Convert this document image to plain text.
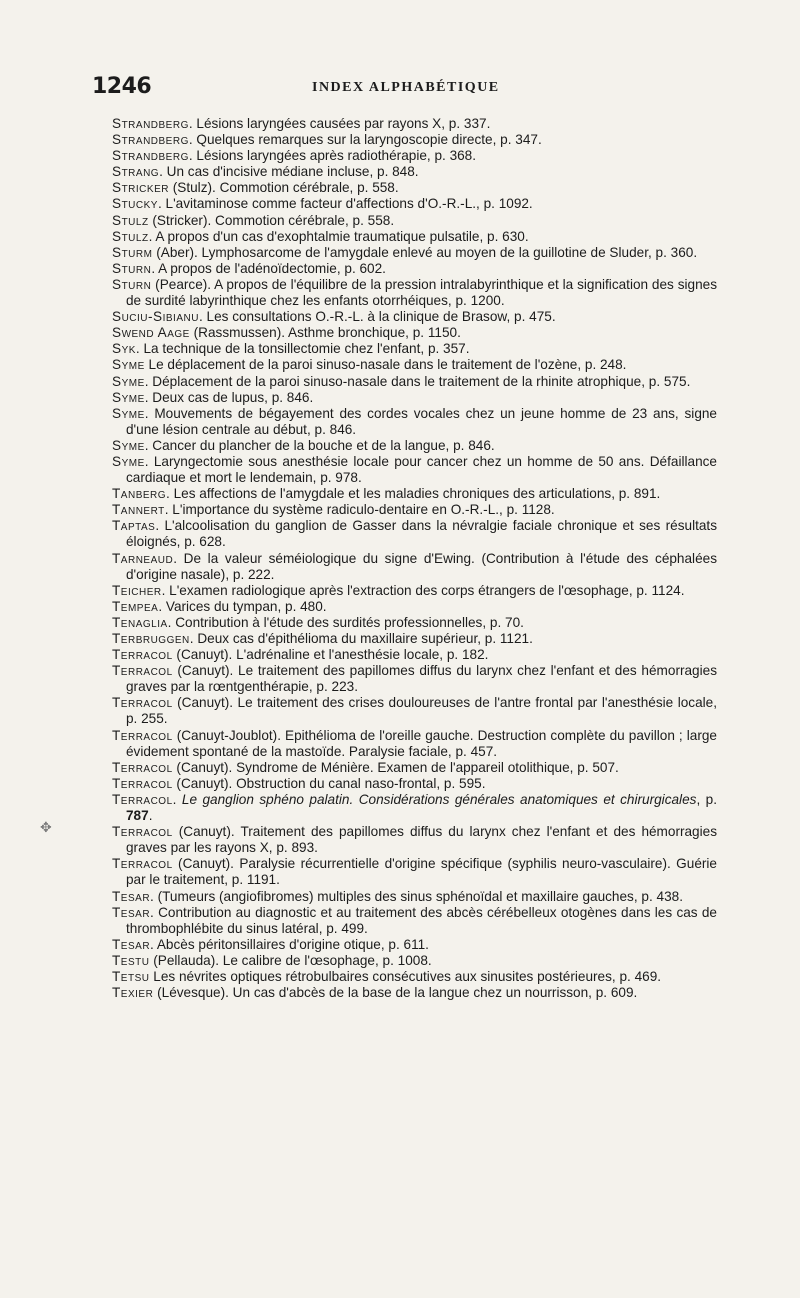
1246	INDEX ALPHABÉTIQUE
✥
Strandberg. Lésions laryngées causées par rayons X, p. 337.
Strandberg. Quelques remarques sur la laryngoscopie directe, p. 347.
Strandberg. Lésions laryngées après radiothérapie, p. 368.
Strang. Un cas d'incisive médiane incluse, p. 848.
Stricker (Stulz). Commotion cérébrale, p. 558.
Stucky. L'avitaminose comme facteur d'affections d'O.-R.-L., p. 1092.
Stulz (Stricker). Commotion cérébrale, p. 558.
Stulz. A propos d'un cas d'exophtalmie traumatique pulsatile, p. 630.
Sturm (Aber). Lymphosarcome de l'amygdale enlevé au moyen de la guillotine de Sluder, p. 360.
Sturn. A propos de l'adénoïdectomie, p. 602.
Sturn (Pearce). A propos de l'équilibre de la pression intralabyrinthique et la signification des signes de surdité labyrinthique chez les enfants otorrhéiques, p. 1200.
Suciu-Sibianu. Les consultations O.-R.-L. à la clinique de Brasow, p. 475.
Swend Aage (Rassmussen). Asthme bronchique, p. 1150.
Syk. La technique de la tonsillectomie chez l'enfant, p. 357.
Syme Le déplacement de la paroi sinuso-nasale dans le traitement de l'ozène, p. 248.
Syme. Déplacement de la paroi sinuso-nasale dans le traitement de la rhinite atrophique, p. 575.
Syme. Deux cas de lupus, p. 846.
Syme. Mouvements de bégayement des cordes vocales chez un jeune homme de 23 ans, signe d'une lésion centrale au début, p. 846.
Syme. Cancer du plancher de la bouche et de la langue, p. 846.
Syme. Laryngectomie sous anesthésie locale pour cancer chez un homme de 50 ans. Défaillance cardiaque et mort le lendemain, p. 978.
Tanberg. Les affections de l'amygdale et les maladies chroniques des articulations, p. 891.
Tannert. L'importance du système radiculo-dentaire en O.-R.-L., p. 1128.
Taptas. L'alcoolisation du ganglion de Gasser dans la névralgie faciale chronique et ses résultats éloignés, p. 628.
Tarneaud. De la valeur séméiologique du signe d'Ewing. (Contribution à l'étude des céphalées d'origine nasale), p. 222.
Teicher. L'examen radiologique après l'extraction des corps étrangers de l'œsophage, p. 1124.
Tempea. Varices du tympan, p. 480.
Tenaglia. Contribution à l'étude des surdités professionnelles, p. 70.
Terbruggen. Deux cas d'épithélioma du maxillaire supérieur, p. 1121.
Terracol (Canuyt). L'adrénaline et l'anesthésie locale, p. 182.
Terracol (Canuyt). Le traitement des papillomes diffus du larynx chez l'enfant et des hémorragies graves par la rœntgenthérapie, p. 223.
Terracol (Canuyt). Le traitement des crises douloureuses de l'antre frontal par l'anesthésie locale, p. 255.
Terracol (Canuyt-Joublot). Epithélioma de l'oreille gauche. Destruction complète du pavillon ; large évidement spontané de la mastoïde. Paralysie faciale, p. 457.
Terracol (Canuyt). Syndrome de Ménière. Examen de l'appareil otolithique, p. 507.
Terracol (Canuyt). Obstruction du canal naso-frontal, p. 595.
Terracol. Le ganglion sphéno palatin. Considérations générales anatomiques et chirurgicales, p. 787.
Terracol (Canuyt). Traitement des papillomes diffus du larynx chez l'enfant et des hémorragies graves par les rayons X, p. 893.
Terracol (Canuyt). Paralysie récurrentielle d'origine spécifique (syphilis neuro-vasculaire). Guérie par le traitement, p. 1191.
Tesar. (Tumeurs (angiofibromes) multiples des sinus sphénoïdal et maxillaire gauches, p. 438.
Tesar. Contribution au diagnostic et au traitement des abcès cérébelleux otogènes dans les cas de thrombophlébite du sinus latéral, p. 499.
Tesar. Abcès péritonsillaires d'origine otique, p. 611.
Testu (Pellauda). Le calibre de l'œsophage, p. 1008.
Tetsu Les névrites optiques rétrobulbaires consécutives aux sinusites postérieures, p. 469.
Texier (Lévesque). Un cas d'abcès de la base de la langue chez un nourrisson, p. 609.
